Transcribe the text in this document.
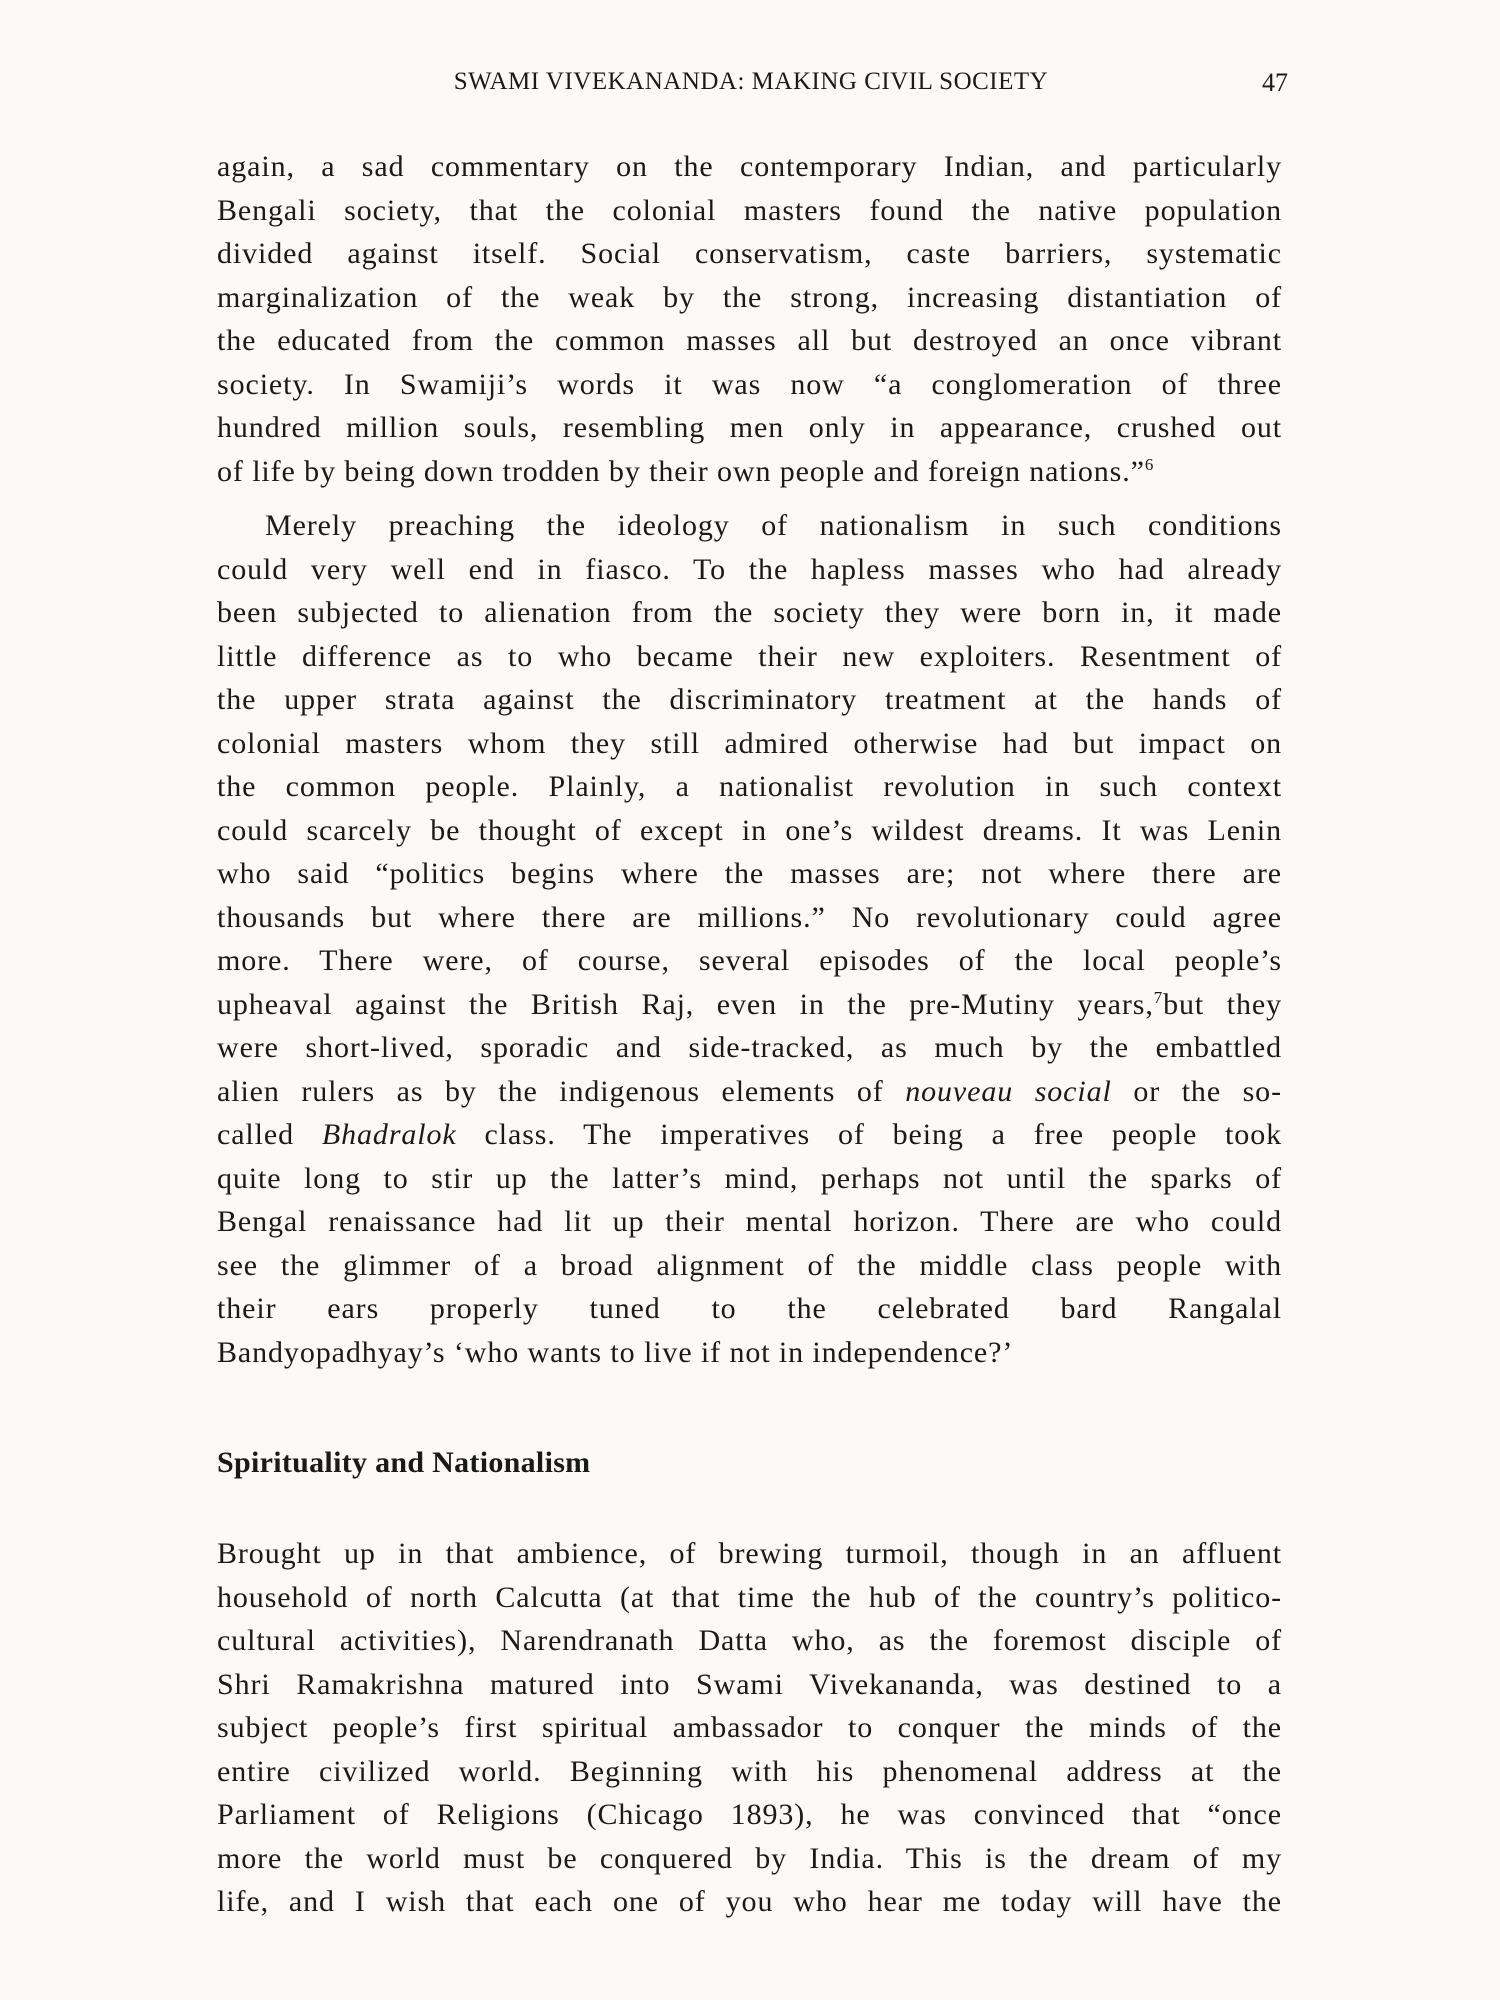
SWAMI VIVEKANANDA: MAKING CIVIL SOCIETY	47
again, a sad commentary on the contemporary Indian, and particularly
Bengali society, that the colonial masters found the native population
divided against itself. Social conservatism, caste barriers, systematic
marginalization of the weak by the strong, increasing distantiation of
the educated from the common masses all but destroyed an once vibrant
society. In Swamiji’s words it was now “a conglomeration of three
hundred million souls, resembling men only in appearance, crushed out
of life by being down trodden by their own people and foreign nations.”$^6$
Merely preaching the ideology of nationalism in such conditions
could very well end in fiasco. To the hapless masses who had already
been subjected to alienation from the society they were born in, it made
little difference as to who became their new exploiters. Resentment of
the upper strata against the discriminatory treatment at the hands of
colonial masters whom they still admired otherwise had but impact on
the common people. Plainly, a nationalist revolution in such context
could scarcely be thought of except in one’s wildest dreams. It was Lenin
who said “politics begins where the masses are; not where there are
thousands but where there are millions.” No revolutionary could agree
more. There were, of course, several episodes of the local people’s
upheaval against the British Raj, even in the pre-Mutiny years,$^7$but they
were short-lived, sporadic and side-tracked, as much by the embattled
alien rulers as by the indigenous elements of nouveau social or the so-
called Bhadralok class. The imperatives of being a free people took
quite long to stir up the latter’s mind, perhaps not until the sparks of
Bengal renaissance had lit up their mental horizon. There are who could
see the glimmer of a broad alignment of the middle class people with
their ears properly tuned to the celebrated bard Rangalal
Bandyopadhyay’s ‘who wants to live if not in independence?’
Spirituality and Nationalism
Brought up in that ambience, of brewing turmoil, though in an affluent
household of north Calcutta (at that time the hub of the country’s politico-
cultural activities), Narendranath Datta who, as the foremost disciple of
Shri Ramakrishna matured into Swami Vivekananda, was destined to a
subject people’s first spiritual ambassador to conquer the minds of the
entire civilized world. Beginning with his phenomenal address at the
Parliament of Religions (Chicago 1893), he was convinced that “once
more the world must be conquered by India. This is the dream of my
life, and I wish that each one of you who hear me today will have the
